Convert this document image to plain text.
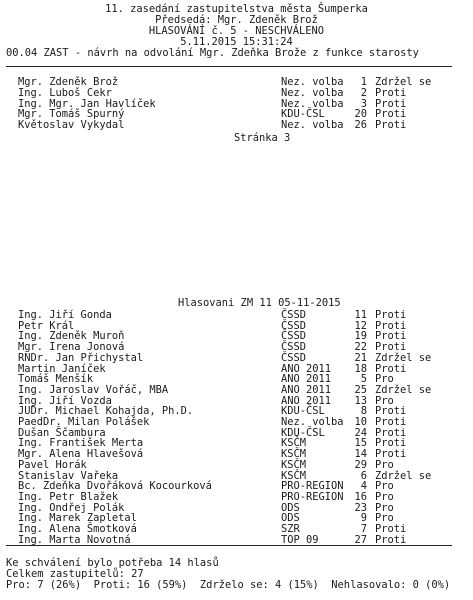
11. zasedání zastupitelstva města Šumperka
Předsedá: Mgr. Zdeněk Brož
HLASOVÁNÍ č. 5 - NESCHVÁLENO
5.11.2015 15:31:24
00.04 ZAST - návrh na odvolání Mgr. Zdeňka Brože z funkce starosty
Mgr. Zdeněk Brož	Nez. volba	1 Zdržel se
Ing. Luboš Cekr	Nez. volba	2 Proti
Ing. Mgr. Jan Havlíček	Nez. volba	3 Proti
Mgr. Tomáš Spurný	KDU-ČSL	20 Proti
Květoslav Vykydal	Nez. volba	26 Proti
Stránka 3
Hlasovani ZM 11 05-11-2015
Ing. Jiří Gonda	ČSSD	11 Proti
Petr Král	ČSSD	12 Proti
Ing. Zdeněk Muroň	ČSSD	19 Proti
Mgr. Irena Jonová	ČSSD	22 Proti
RNDr. Jan Přichystal	ČSSD	21 Zdržel se
Martin Janíček	ANO 2011	18 Proti
Tomáš Menšík	ANO 2011	5 Pro
Ing. Jaroslav Vořáč, MBA	ANO 2011	25 Zdržel se
Ing. Jiří Vozda	ANO 2011	13 Pro
JUDr. Michael Kohajda, Ph.D.	KDU-ČSL	8 Proti
PaedDr. Milan Polášek	Nez. volba	10 Proti
Dušan Ščambura	KDU-ČSL	24 Proti
Ing. František Merta	KSČM	15 Proti
Mgr. Alena Hlavešová	KSČM	14 Proti
Pavel Horák	KSČM	29 Pro
Stanislav Vařeka	KSČM	6 Zdržel se
Bc. Zdeňka Dvořáková Kocourková	PRO-REGION	4 Pro
Ing. Petr Blažek	PRO-REGION	16 Pro
Ing. Ondřej Polák	ODS	23 Pro
Ing. Marek Zapletal	ODS	9 Pro
Ing. Alena Šmotková	SZR	7 Proti
Ing. Marta Novotná	TOP 09	27 Proti
Ke schválení bylo potřeba 14 hlasů
Celkem zastupitelů: 27
Pro: 7 (26%)  Proti: 16 (59%)  Zdrželo se: 4 (15%)  Nehlasovalo: 0 (0%)
